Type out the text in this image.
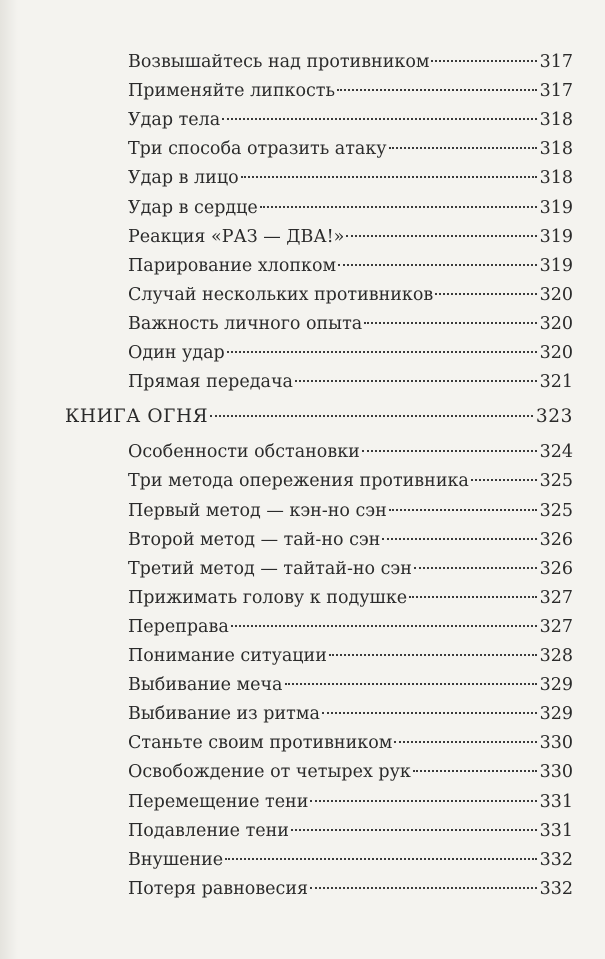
Возвышайтесь над противником	317
Применяйте липкость	317
Удар тела	318
Три способа отразить атаку	318
Удар в лицо	318
Удар в сердце	319
Реакция «РАЗ — ДВА!»	319
Парирование хлопком	319
Случай нескольких противников	320
Важность личного опыта	320
Один удар	320
Прямая передача	321
КНИГА ОГНЯ	323
Особенности обстановки	324
Три метода опережения противника	325
Первый метод — кэн-но сэн	325
Второй метод — тай-но сэн	326
Третий метод — тайтай-но сэн	326
Прижимать голову к подушке	327
Переправа	327
Понимание ситуации	328
Выбивание меча	329
Выбивание из ритма	329
Станьте своим противником	330
Освобождение от четырех рук	330
Перемещение тени	331
Подавление тени	331
Внушение	332
Потеря равновесия	332
